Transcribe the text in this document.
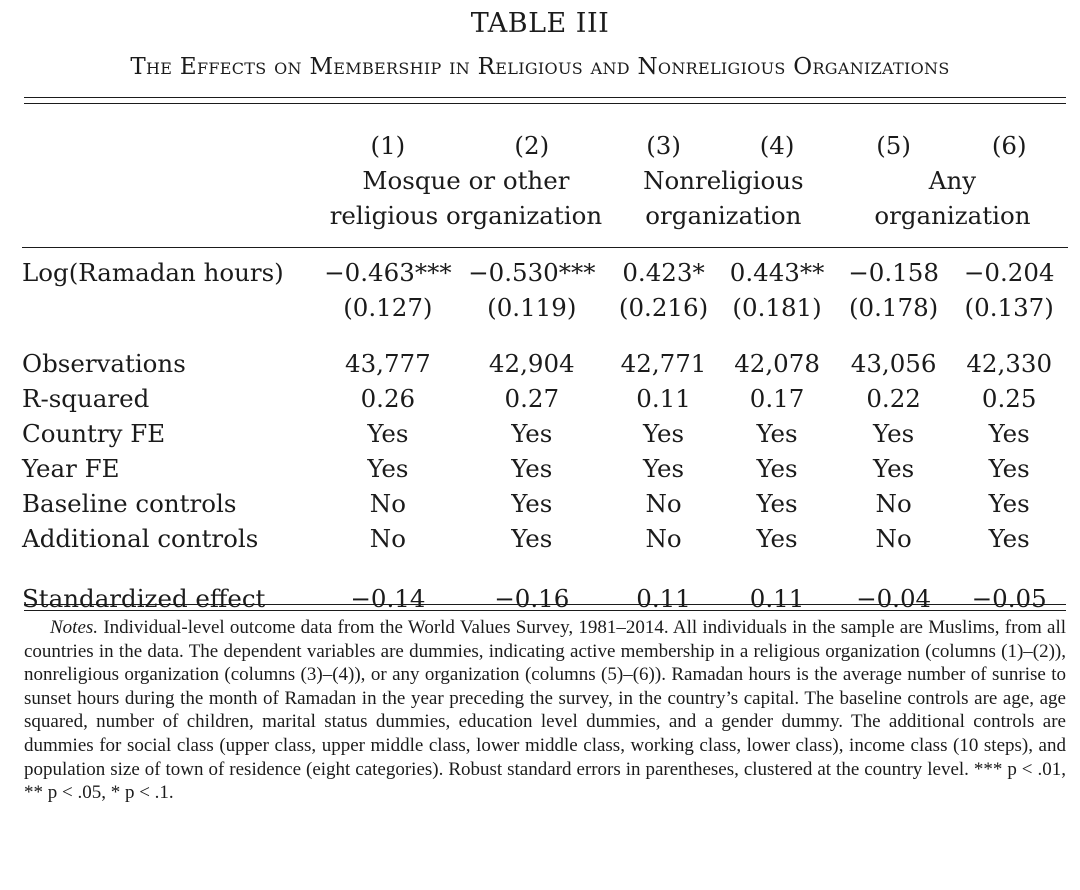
TABLE III
The Effects on Membership in Religious and Nonreligious Organizations
	(1)	(2)	(3)	(4)	(5)	(6)
	Mosque or other		Nonreligious		Any	
	religious organization		organization		organization	

Log(Ramadan hours)	−0.463***	−0.530***	0.423*	0.443**	−0.158	−0.204
	(0.127)	(0.119)	(0.216)	(0.181)	(0.178)	(0.137)

Observations	43,777	42,904	42,771	42,078	43,056	42,330
R-squared	0.26	0.27	0.11	0.17	0.22	0.25
Country FE	Yes	Yes	Yes	Yes	Yes	Yes
Year FE	Yes	Yes	Yes	Yes	Yes	Yes
Baseline controls	No	Yes	No	Yes	No	Yes
Additional controls	No	Yes	No	Yes	No	Yes

Standardized effect	−0.14	−0.16	0.11	0.11	−0.04	−0.05
Notes. Individual-level outcome data from the World Values Survey, 1981–2014. All individuals in the sample are Muslims, from all countries in the data. The dependent variables are dummies, indicating active membership in a religious organization (columns (1)–(2)), nonreligious organization (columns (3)–(4)), or any organization (columns (5)–(6)). Ramadan hours is the average number of sunrise to sunset hours during the month of Ramadan in the year preceding the survey, in the country’s capital. The baseline controls are age, age squared, number of children, marital status dummies, education level dummies, and a gender dummy. The additional controls are dummies for social class (upper class, upper middle class, lower middle class, working class, lower class), income class (10 steps), and population size of town of residence (eight categories). Robust standard errors in parentheses, clustered at the country level. *** p < .01, ** p < .05, * p < .1.
